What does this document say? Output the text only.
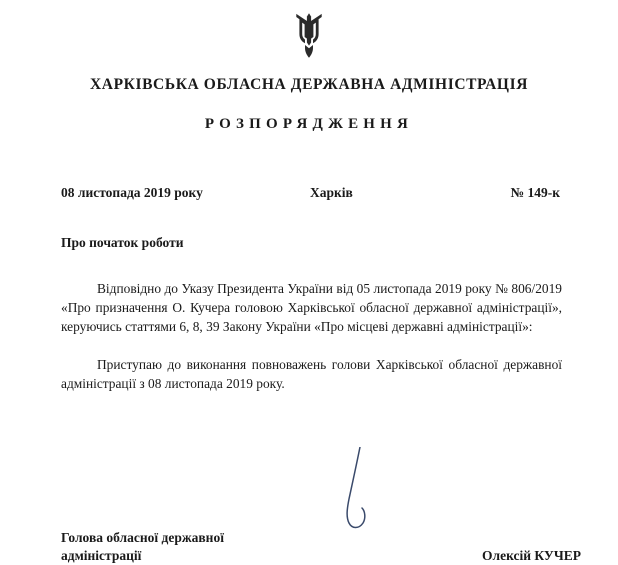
ХАРКІВСЬКА ОБЛАСНА ДЕРЖАВНА АДМІНІСТРАЦІЯ
РОЗПОРЯДЖЕННЯ
08 листопада 2019 року	Харків	№ 149-к
Про початок роботи

Відповідно до Указу Президента України від 05 листопада 2019 року № 806/2019 «Про призначення О. Кучера головою Харківської обласної державної адміністрації», керуючись статтями 6, 8, 39 Закону України «Про місцеві державні адміністрації»:

Приступаю до виконання повноважень голови Харківської обласної державної адміністрації з 08 листопада 2019 року.

Голова обласної державної адміністрації	Олексій КУЧЕР
